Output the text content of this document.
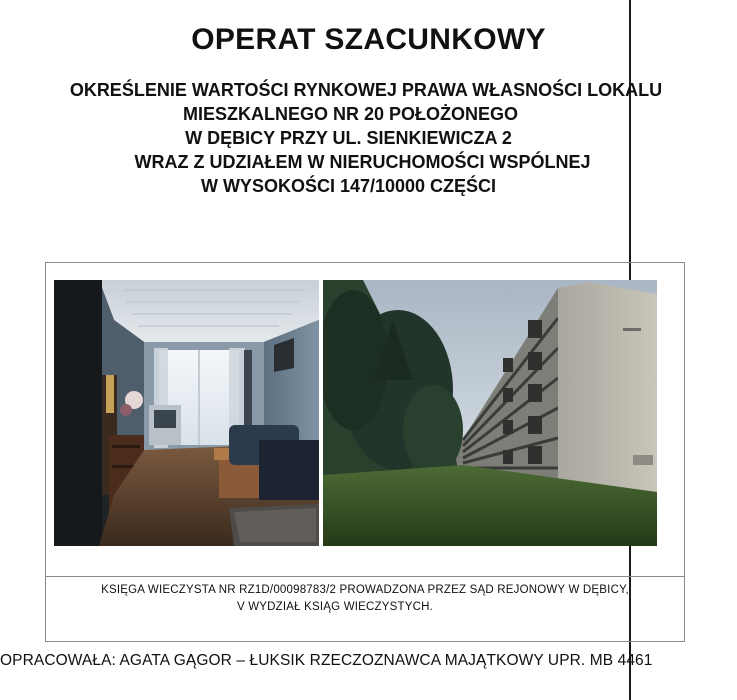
OPERAT SZACUNKOWY
OKREŚLENIE WARTOŚCI RYNKOWEJ PRAWA WŁASNOŚCI LOKALU
MIESZKALNEGO NR 20 POŁOŻONEGO
W DĘBICY PRZY UL. SIENKIEWICZA 2
WRAZ Z UDZIAŁEM W NIERUCHOMOŚCI WSPÓLNEJ
W WYSOKOŚCI 147/10000 CZĘŚCI
KSIĘGA WIECZYSTA NR RZ1D/00098783/2 PROWADZONA PRZEZ SĄD REJONOWY W DĘBICY,
V WYDZIAŁ KSIĄG WIECZYSTYCH.
OPRACOWAŁA: AGATA GĄGOR – ŁUKSIK RZECZOZNAWCA MAJĄTKOWY UPR. MB 4461
